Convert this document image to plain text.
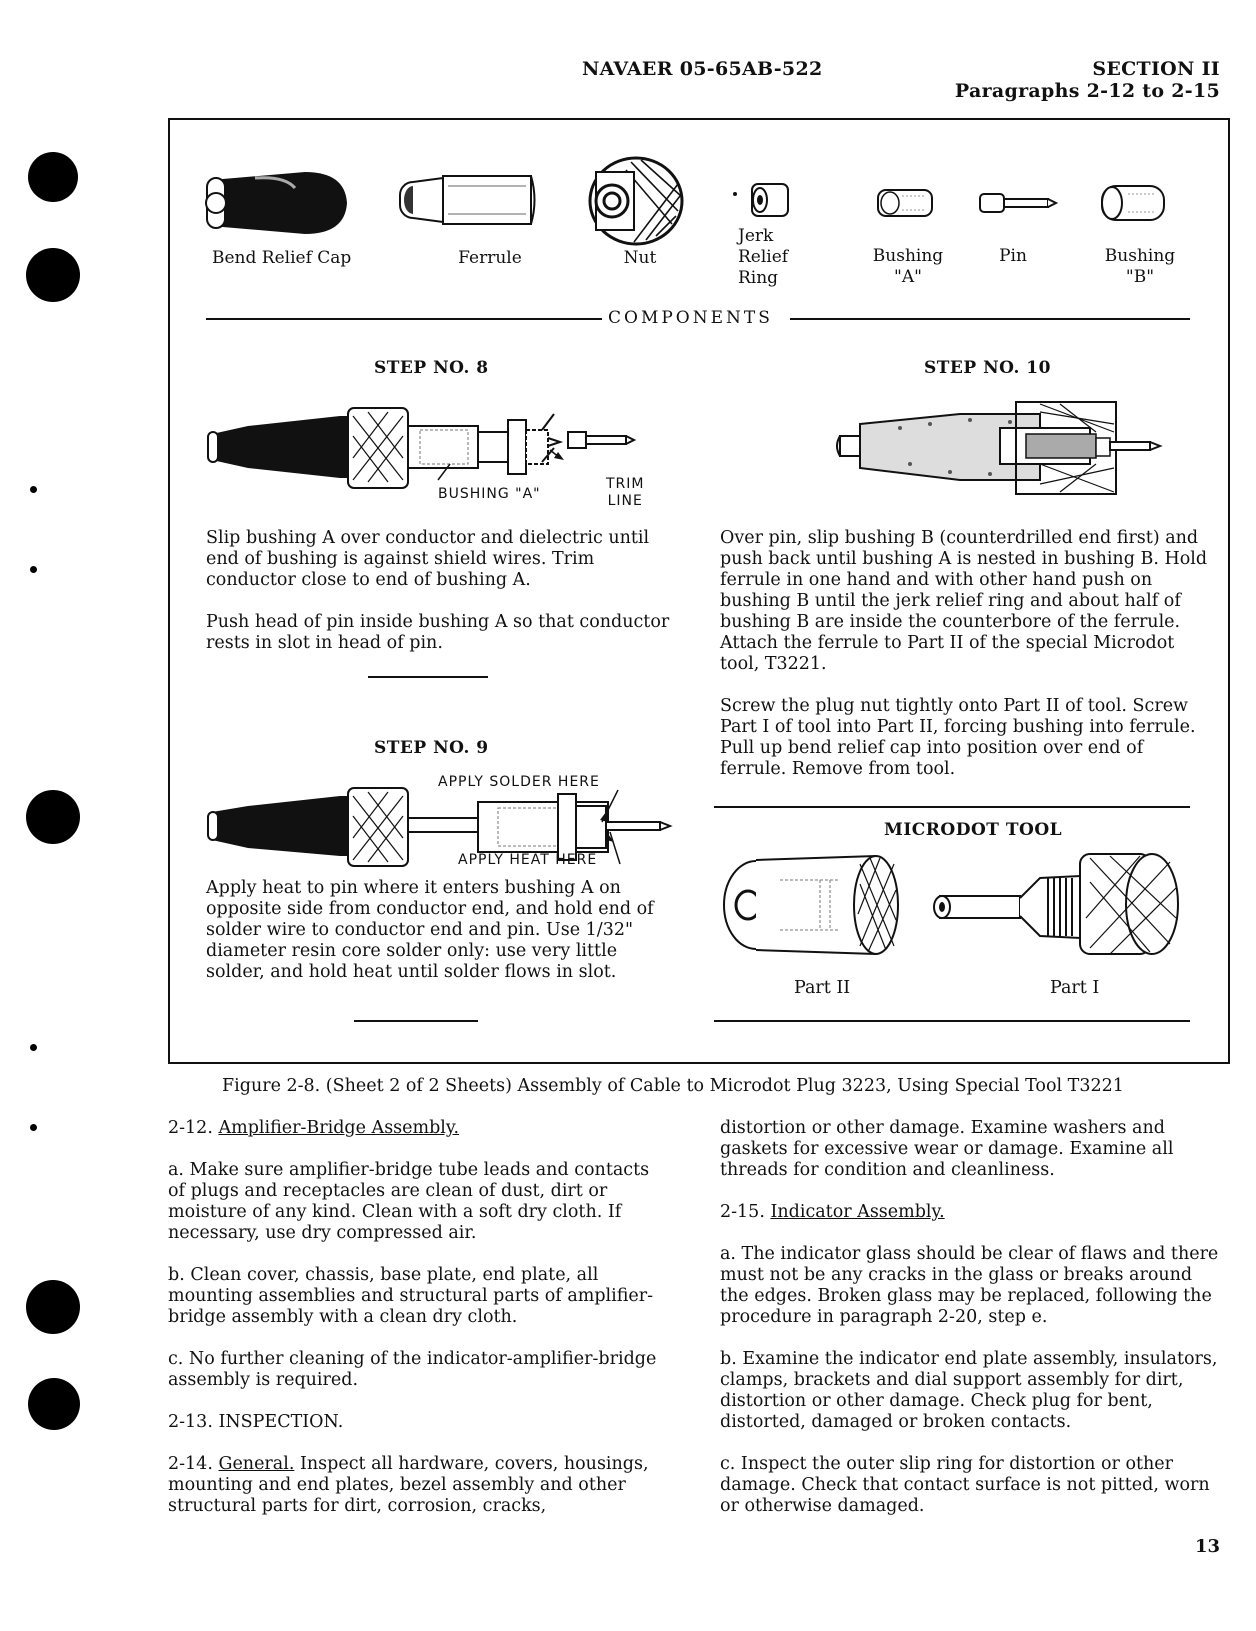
NAVAER 05-65AB-522	SECTION II
Paragraphs 2-12 to 2-15
Bend Relief Cap	Ferrule	Nut
Jerk
Relief
Ring
Bushing
"A"
Pin	Bushing
"B"
COMPONENTS
STEP NO. 8
BUSHING "A"
TRIM
LINE

Slip bushing A over conductor and dielectric until end of bushing is against shield wires. Trim conductor close to end of bushing A.

Push head of pin inside bushing A so that conductor rests in slot in head of pin.

STEP NO. 9
APPLY SOLDER HERE
APPLY HEAT HERE

Apply heat to pin where it enters bushing A on opposite side from conductor end, and hold end of solder wire to conductor end and pin. Use 1/32" diameter resin core solder only: use very little solder, and hold heat until solder flows in slot.

STEP NO. 10

Over pin, slip bushing B (counterdrilled end first) and push back until bushing A is nested in bushing B. Hold ferrule in one hand and with other hand push on bushing B until the jerk relief ring and about half of bushing B are inside the counterbore of the ferrule. Attach the ferrule to Part II of the special Microdot tool, T3221.

Screw the plug nut tightly onto Part II of tool. Screw Part I of tool into Part II, forcing bushing into ferrule. Pull up bend relief cap into position over end of ferrule. Remove from tool.

MICRODOT TOOL
Part II	Part I
Figure 2-8. (Sheet 2 of 2 Sheets) Assembly of Cable to Microdot Plug 3223, Using Special Tool T3221

2-12. Amplifier-Bridge Assembly.

a. Make sure amplifier-bridge tube leads and contacts of plugs and receptacles are clean of dust, dirt or moisture of any kind. Clean with a soft dry cloth. If necessary, use dry compressed air.

b. Clean cover, chassis, base plate, end plate, all mounting assemblies and structural parts of amplifier-bridge assembly with a clean dry cloth.

c. No further cleaning of the indicator-amplifier-bridge assembly is required.

2-13. INSPECTION.

2-14. General. Inspect all hardware, covers, housings, mounting and end plates, bezel assembly and other structural parts for dirt, corrosion, cracks,

distortion or other damage. Examine washers and gaskets for excessive wear or damage. Examine all threads for condition and cleanliness.

2-15. Indicator Assembly.

a. The indicator glass should be clear of flaws and there must not be any cracks in the glass or breaks around the edges. Broken glass may be replaced, following the procedure in paragraph 2-20, step e.

b. Examine the indicator end plate assembly, insulators, clamps, brackets and dial support assembly for dirt, distortion or other damage. Check plug for bent, distorted, damaged or broken contacts.

c. Inspect the outer slip ring for distortion or other damage. Check that contact surface is not pitted, worn or otherwise damaged.

13
